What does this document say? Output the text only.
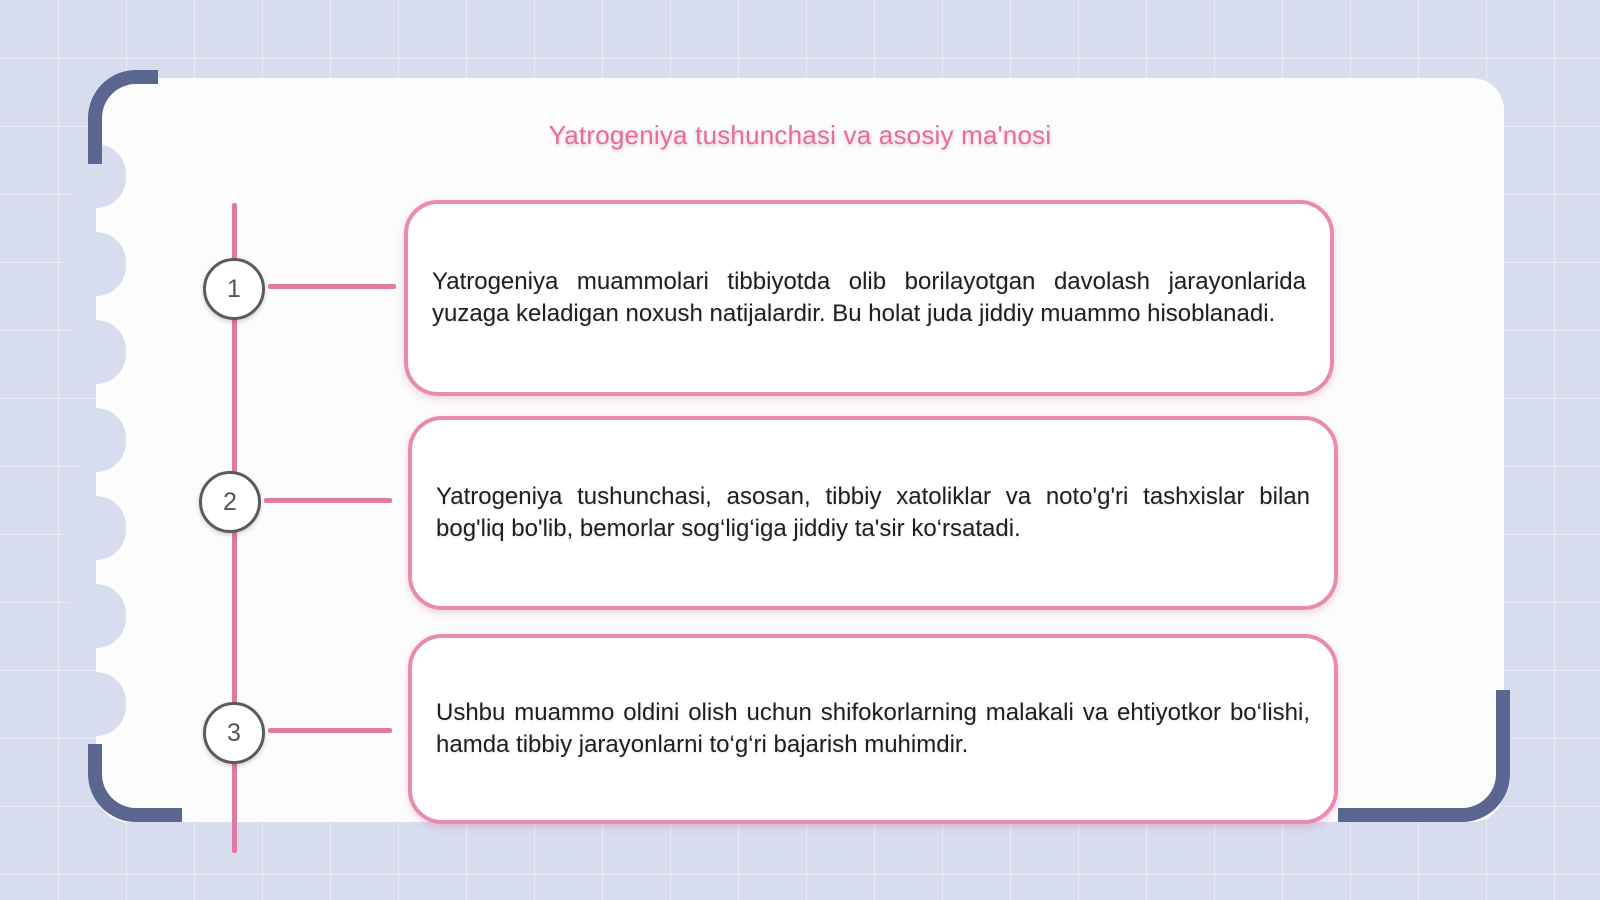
Yatrogeniya tushunchasi va asosiy ma'nosi
1
2
3

Yatrogeniya muammolari tibbiyotda olib borilayotgan davolash jarayonlarida yuzaga keladigan noxush natijalardir. Bu holat juda jiddiy muammo hisoblanadi.

Yatrogeniya tushunchasi, asosan, tibbiy xatoliklar va noto'g'ri tashxislar bilan bog'liq bo'lib, bemorlar sog‘lig‘iga jiddiy ta'sir ko‘rsatadi.

Ushbu muammo oldini olish uchun shifokorlarning malakali va ehtiyotkor bo‘lishi, hamda tibbiy jarayonlarni to‘g‘ri bajarish muhimdir.
